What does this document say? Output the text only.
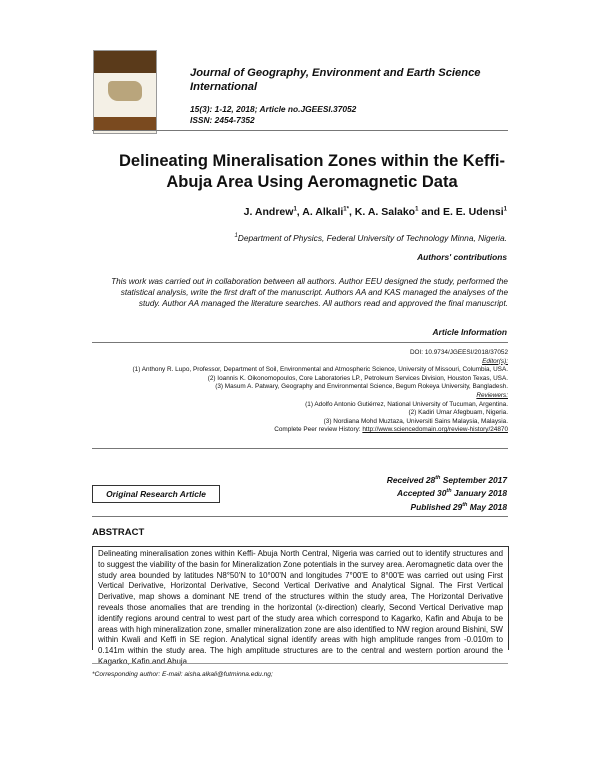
Journal of Geography, Environment and Earth Science International
15(3): 1-12, 2018; Article no.JGEESI.37052
ISSN: 2454-7352
Delineating Mineralisation Zones within the Keffi-Abuja Area Using Aeromagnetic Data
J. Andrew$^1$, A. Alkali$^{1*}$, K. A. Salako$^1$ and E. E. Udensi$^1$
$^1$Department of Physics, Federal University of Technology Minna, Nigeria.
Authors' contributions
This work was carried out in collaboration between all authors. Author EEU designed the study, performed the statistical analysis, write the first draft of the manuscript. Authors AA and KAS managed the analyses of the study. Author AA managed the literature searches. All authors read and approved the final manuscript.
Article Information
DOI: 10.9734/JGEESI/2018/37052
Editor(s):
(1) Anthony R. Lupo, Professor, Department of Soil, Environmental and Atmospheric Science, University of Missouri, Columbia, USA.
(2) Ioannis K. Oikonomopoulos, Core Laboratories LP., Petroleum Services Division, Houston Texas, USA.
(3) Masum A. Patwary, Geography and Environmental Science, Begum Rokeya University, Bangladesh.
Reviewers:
(1) Adolfo Antonio Gutiérrez, National University of Tucuman, Argentina.
(2) Kadiri Umar Afegbuam, Nigeria.
(3) Nordiana Mohd Muztaza, Universiti Sains Malaysia, Malaysia.
Complete Peer review History: http://www.sciencedomain.org/review-history/24870
Original Research Article
Received 28th September 2017
Accepted 30th January 2018
Published 29th May 2018
ABSTRACT
Delineating mineralisation zones within Keffi- Abuja North Central, Nigeria was carried out to identify structures and to suggest the viability of the basin for Mineralization Zone potentials in the survey area. Aeromagnetic data over the study area bounded by latitudes N8°50'N to 10°00'N and longitudes 7°00'E to 8°00'E was carried out using First Vertical Derivative, Horizontal Derivative, Second Vertical Derivative and Analytical Signal. The First Vertical Derivative, map shows a dominant NE trend of the structures within the study area, The Horizontal Derivative reveals those anomalies that are trending in the horizontal (x-direction) clearly, Second Vertical Derivative map identify regions around central to west part of the study area which correspond to Kagarko, Kafin and Abuja to be areas with high mineralization zone, smaller mineralization zone are also identified to NW region around Bishini, SW within Kwali and Keffi in SE region. Analytical signal identify areas with high amplitude ranges from -0.010m to 0.141m within the study area. The high amplitude structures are to the central and western portion around the Kagarko, Kafin and Abuja
*Corresponding author: E-mail: aisha.alkali@futminna.edu.ng;
